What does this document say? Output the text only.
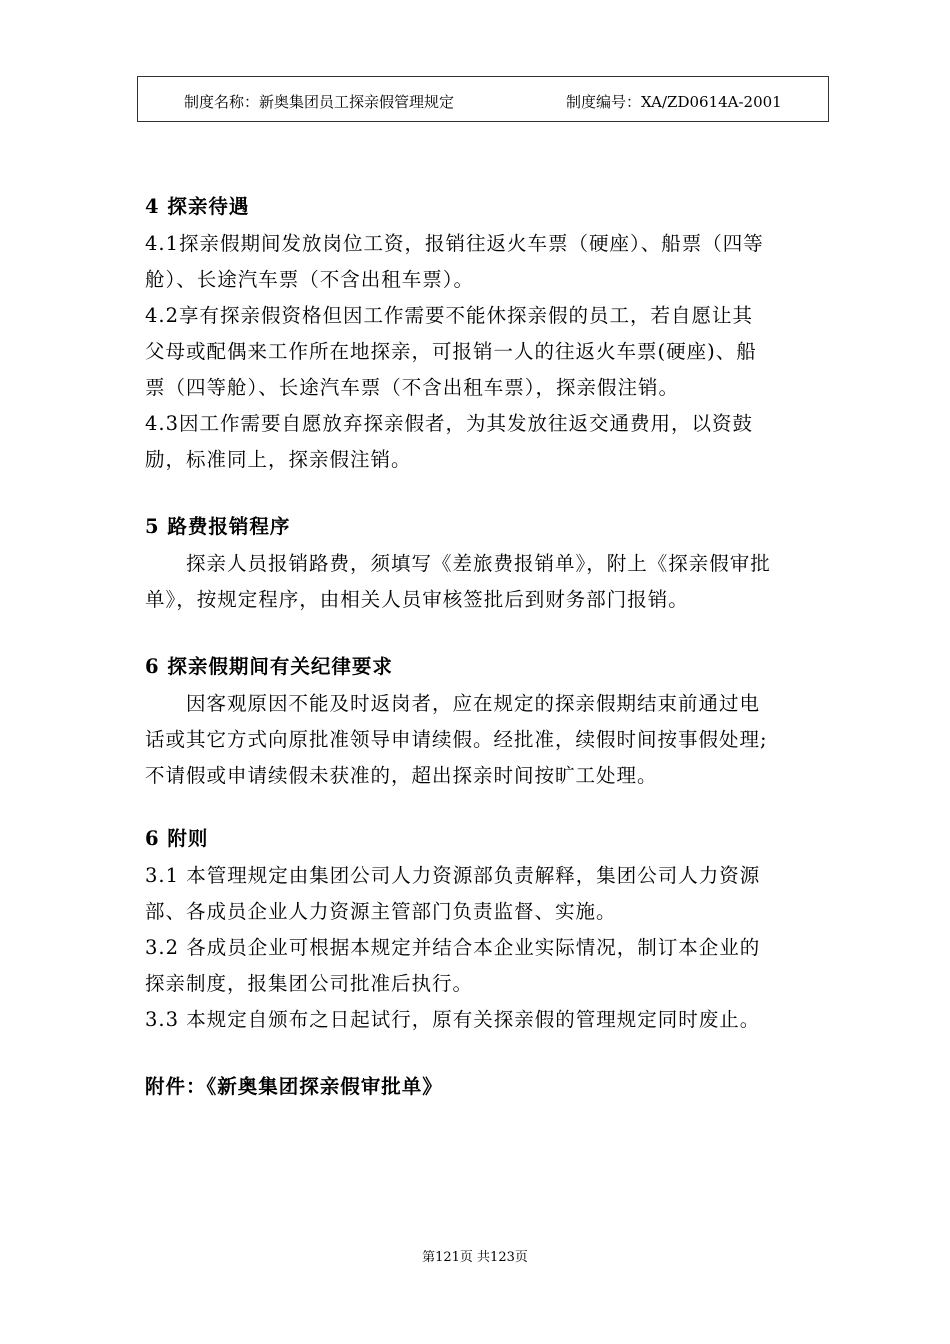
制度名称：新奥集团员工探亲假管理规定	制度编号：XA/ZD0614A-2001
4 探亲待遇
4.1探亲假期间发放岗位工资，报销往返火车票（硬座）、船票（四等
舱）、长途汽车票（不含出租车票）。
4.2享有探亲假资格但因工作需要不能休探亲假的员工，若自愿让其
父母或配偶来工作所在地探亲，可报销一人的往返火车票(硬座)、船
票（四等舱）、长途汽车票（不含出租车票），探亲假注销。
4.3因工作需要自愿放弃探亲假者，为其发放往返交通费用，以资鼓
励，标准同上，探亲假注销。
5 路费报销程序
探亲人员报销路费，须填写《差旅费报销单》，附上《探亲假审批
单》，按规定程序，由相关人员审核签批后到财务部门报销。
6 探亲假期间有关纪律要求
因客观原因不能及时返岗者，应在规定的探亲假期结束前通过电
话或其它方式向原批准领导申请续假。经批准，续假时间按事假处理;
不请假或申请续假未获准的，超出探亲时间按旷工处理。
6 附则
3.1 本管理规定由集团公司人力资源部负责解释，集团公司人力资源
部、各成员企业人力资源主管部门负责监督、实施。
3.2 各成员企业可根据本规定并结合本企业实际情况，制订本企业的
探亲制度，报集团公司批准后执行。
3.3 本规定自颁布之日起试行，原有关探亲假的管理规定同时废止。
附件：《新奥集团探亲假审批单》
第121页 共123页
